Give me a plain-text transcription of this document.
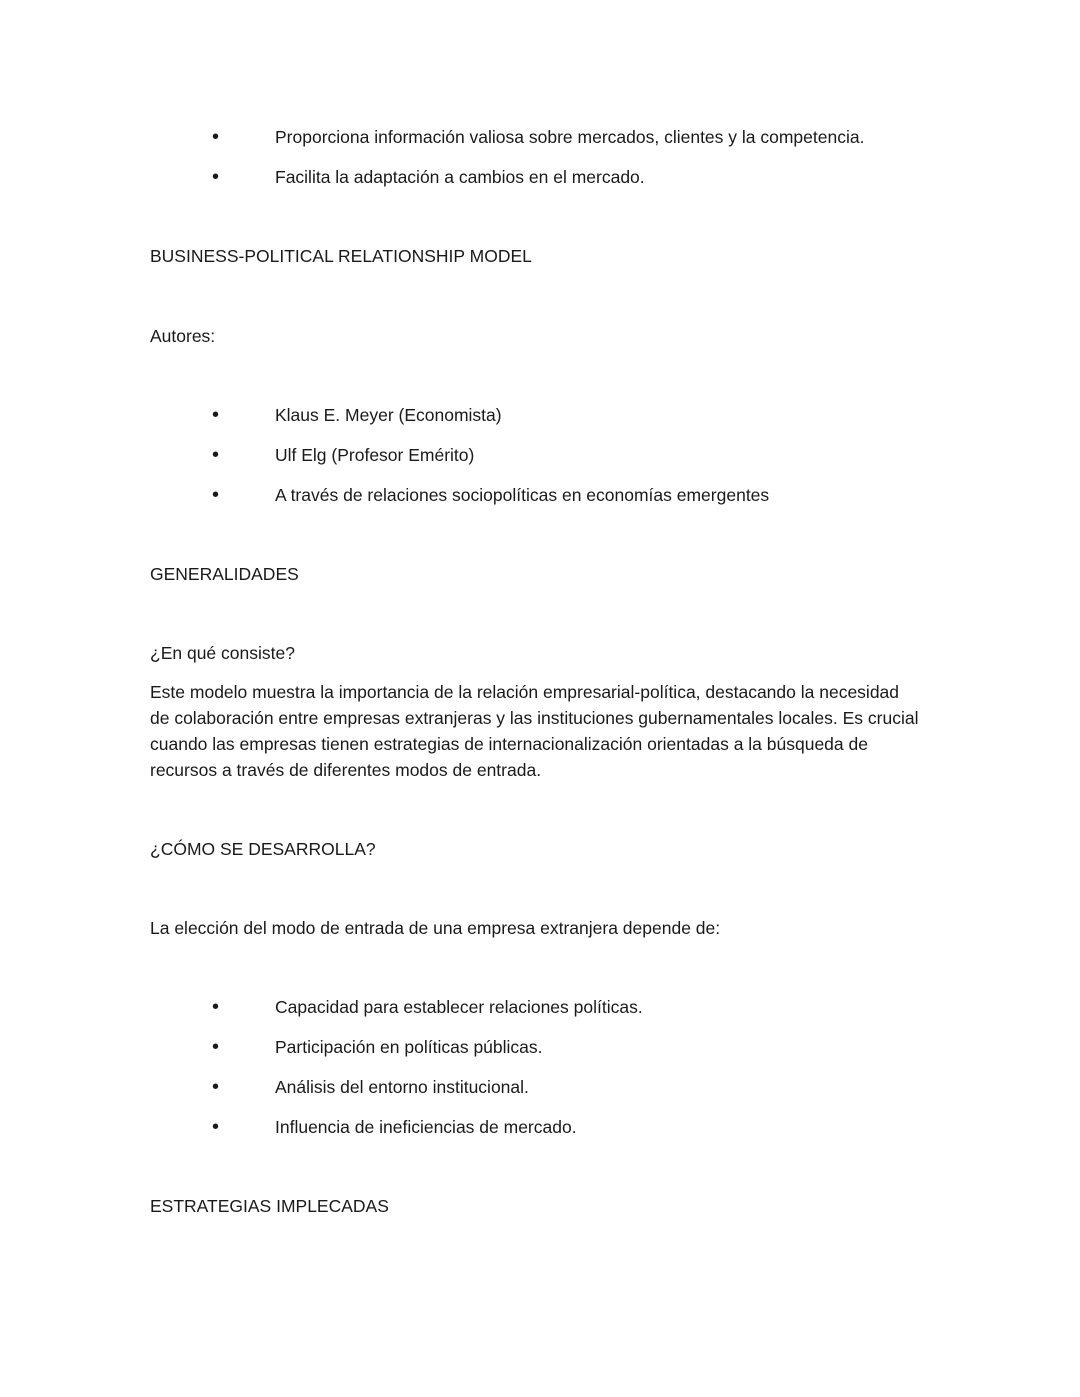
•	Proporciona información valiosa sobre mercados, clientes y la competencia.
•	Facilita la adaptación a cambios en el mercado.
BUSINESS-POLITICAL RELATIONSHIP MODEL
Autores:
•	Klaus E. Meyer (Economista)
•	Ulf Elg (Profesor Emérito)
•	A través de relaciones sociopolíticas en economías emergentes
GENERALIDADES
¿En qué consiste?
Este modelo muestra la importancia de la relación empresarial-política, destacando la necesidad
de colaboración entre empresas extranjeras y las instituciones gubernamentales locales. Es crucial
cuando las empresas tienen estrategias de internacionalización orientadas a la búsqueda de
recursos a través de diferentes modos de entrada.
¿CÓMO SE DESARROLLA?
La elección del modo de entrada de una empresa extranjera depende de:
•	Capacidad para establecer relaciones políticas.
•	Participación en políticas públicas.
•	Análisis del entorno institucional.
•	Influencia de ineficiencias de mercado.
ESTRATEGIAS IMPLECADAS
